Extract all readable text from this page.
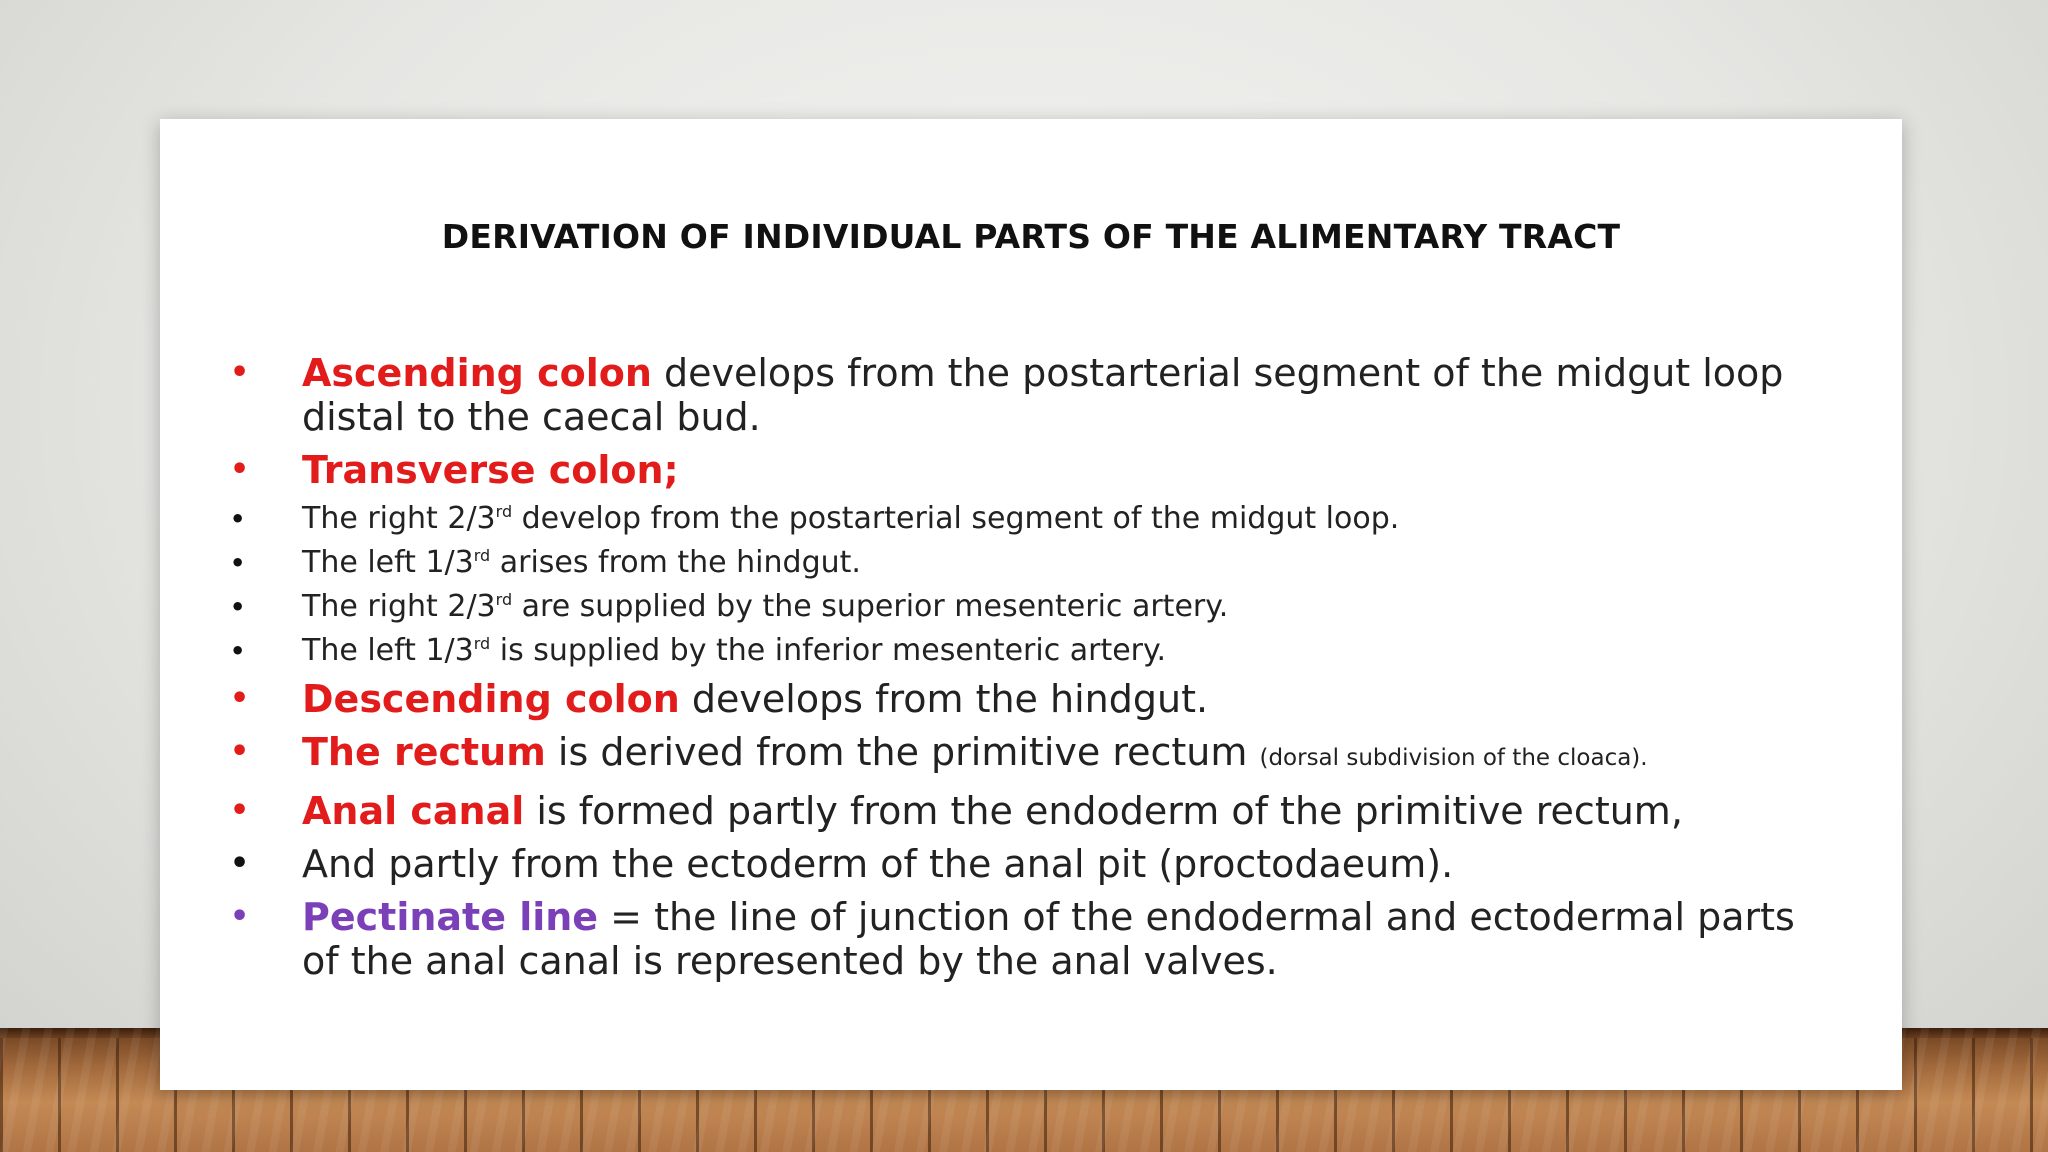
DERIVATION OF INDIVIDUAL PARTS OF THE ALIMENTARY TRACT
• Ascending colon develops from the postarterial segment of the midgut loop distal to the caecal bud.
• Transverse colon;
• The right 2/3rd develop from the postarterial segment of the midgut loop.
• The left 1/3rd arises from the hindgut.
• The right 2/3rd are supplied by the superior mesenteric artery.
• The left 1/3rd is supplied by the inferior mesenteric artery.
• Descending colon develops from the hindgut.
• The rectum is derived from the primitive rectum (dorsal subdivision of the cloaca).
• Anal canal is formed partly from the endoderm of the primitive rectum,
• And partly from the ectoderm of the anal pit (proctodaeum).
• Pectinate line = the line of junction of the endodermal and ectodermal parts of the anal canal is represented by the anal valves.
